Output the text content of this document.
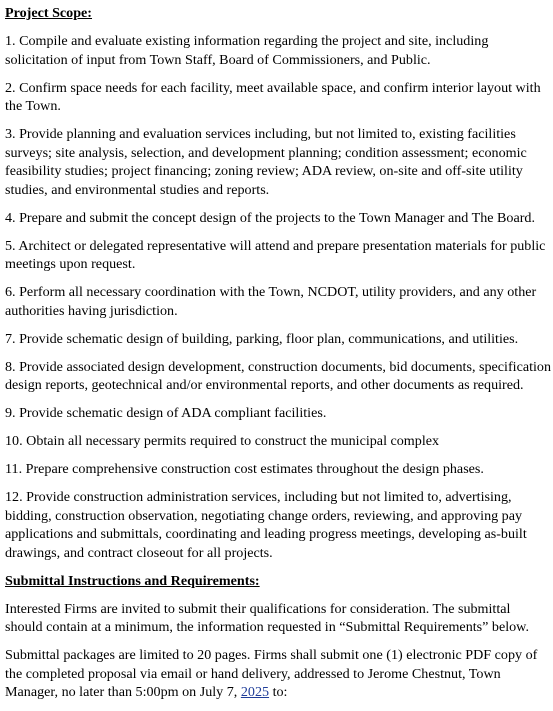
Project Scope:

1. Compile and evaluate existing information regarding the project and site, including solicitation of input from Town Staff, Board of Commissioners, and Public.

2. Confirm space needs for each facility, meet available space, and confirm interior layout with the Town.

3. Provide planning and evaluation services including, but not limited to, existing facilities surveys; site analysis, selection, and development planning; condition assessment; economic feasibility studies; project financing; zoning review; ADA review, on-site and off-site utility studies, and environmental studies and reports.

4. Prepare and submit the concept design of the projects to the Town Manager and The Board.

5. Architect or delegated representative will attend and prepare presentation materials for public meetings upon request.

6. Perform all necessary coordination with the Town, NCDOT, utility providers, and any other authorities having jurisdiction.

7. Provide schematic design of building, parking, floor plan, communications, and utilities.

8. Provide associated design development, construction documents, bid documents, specification design reports, geotechnical and/or environmental reports, and other documents as required.

9. Provide schematic design of ADA compliant facilities.

10. Obtain all necessary permits required to construct the municipal complex

11. Prepare comprehensive construction cost estimates throughout the design phases.

12. Provide construction administration services, including but not limited to, advertising, bidding, construction observation, negotiating change orders, reviewing, and approving pay applications and submittals, coordinating and leading progress meetings, developing as-built drawings, and contract closeout for all projects.

Submittal Instructions and Requirements:

Interested Firms are invited to submit their qualifications for consideration. The submittal should contain at a minimum, the information requested in “Submittal Requirements” below.

Submittal packages are limited to 20 pages. Firms shall submit one (1) electronic PDF copy of the completed proposal via email or hand delivery, addressed to Jerome Chestnut, Town Manager, no later than 5:00pm on July 7, 2025 to:
